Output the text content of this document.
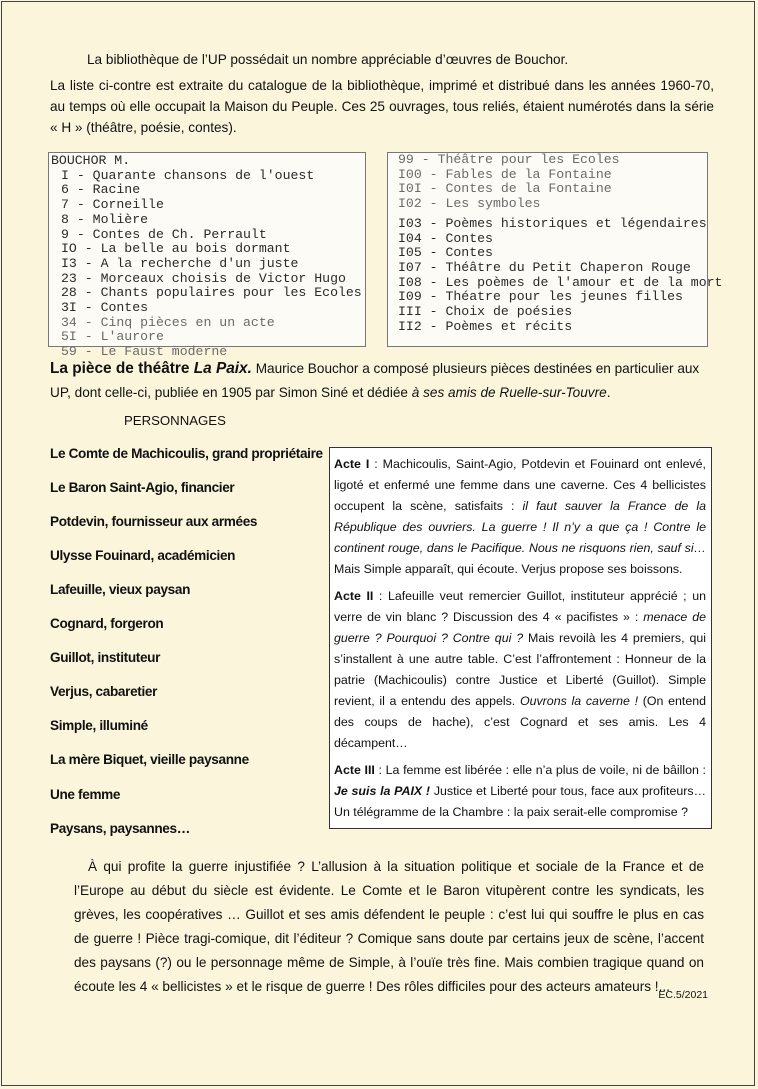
La bibliothèque de l’UP possédait un nombre appréciable d’œuvres de Bouchor.

La liste ci-contre est extraite du catalogue de la bibliothèque, imprimé et distribué dans les années 1960-70, au temps où elle occupait la Maison du Peuple. Ces 25 ouvrages, tous reliés, étaient numérotés dans la série « H » (théâtre, poésie, contes).

BOUCHOR M.
I - Quarante chansons de l'ouest
6 - Racine
7 - Corneille
8 - Molière
9 - Contes de Ch. Perrault
IO - La belle au bois dormant
I3 - A la recherche d'un juste
23 - Morceaux choisis de Victor Hugo
28 - Chants populaires pour les Ecoles
3I - Contes
34 - Cinq pièces en un acte
5I - L'aurore
59 - Le Faust moderne
99 - Théâtre pour les Ecoles
I00 - Fables de la Fontaine
I0I - Contes de la Fontaine
I02 - Les symboles
I03 - Poèmes historiques et légendaires
I04 - Contes
I05 - Contes
I07 - Théâtre du Petit Chaperon Rouge
I08 - Les poèmes de l'amour et de la mort
I09 - Théatre pour les jeunes filles
III - Choix de poésies
II2 - Poèmes et récits

La pièce de théâtre La Paix. Maurice Bouchor a composé plusieurs pièces destinées en particulier aux UP, dont celle-ci, publiée en 1905 par Simon Siné et dédiée à ses amis de Ruelle-sur-Touvre.

PERSONNAGES

Le Comte de Machicoulis, grand propriétaire

Le Baron Saint-Agio, financier

Potdevin, fournisseur aux armées

Ulysse Fouinard, académicien

Lafeuille, vieux paysan

Cognard, forgeron

Guillot, instituteur

Verjus, cabaretier

Simple, illuminé

La mère Biquet, vieille paysanne

Une femme

Paysans, paysannes…

Acte I : Machicoulis, Saint-Agio, Potdevin et Fouinard ont enlevé, ligoté et enfermé une femme dans une caverne. Ces 4 bellicistes occupent la scène, satisfaits : il faut sauver la France de la République des ouvriers. La guerre ! Il n’y a que ça ! Contre le continent rouge, dans le Pacifique. Nous ne risquons rien, sauf si… Mais Simple apparaît, qui écoute. Verjus propose ses boissons.

Acte II : Lafeuille veut remercier Guillot, instituteur apprécié ; un verre de vin blanc ? Discussion des 4 « pacifistes » : menace de guerre ? Pourquoi ? Contre qui ? Mais revoilà les 4 premiers, qui s’installent à une autre table. C’est l’affrontement : Honneur de la patrie (Machicoulis) contre Justice et Liberté (Guillot). Simple revient, il a entendu des appels. Ouvrons la caverne ! (On entend des coups de hache), c’est Cognard et ses amis. Les 4 décampent…

Acte III : La femme est libérée : elle n’a plus de voile, ni de bâillon : Je suis la PAIX ! Justice et Liberté pour tous, face aux profiteurs… Un télégramme de la Chambre : la paix serait-elle compromise ?

À qui profite la guerre injustifiée ? L’allusion à la situation politique et sociale de la France et de l’Europe au début du siècle est évidente. Le Comte et le Baron vitupèrent contre les syndicats, les grèves, les coopératives … Guillot et ses amis défendent le peuple : c’est lui qui souffre le plus en cas de guerre ! Pièce tragi-comique, dit l’éditeur ? Comique sans doute par certains jeux de scène, l’accent des paysans (?) ou le personnage même de Simple, à l’ouïe très fine. Mais combien tragique quand on écoute les 4 « bellicistes » et le risque de guerre ! Des rôles difficiles pour des acteurs amateurs !...

EC.5/2021
